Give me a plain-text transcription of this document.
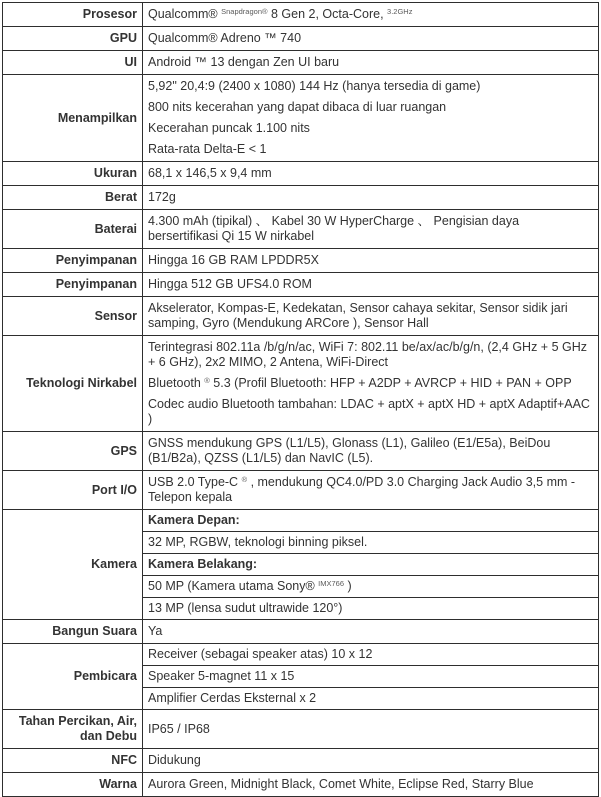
Prosesor	Qualcomm® $^{Snapdragon®}$ 8 Gen 2, Octa-Core, $^{3.2GHz}$

GPU	Qualcomm® Adreno ™ 740

UI	Android ™ 13 dengan Zen UI baru

Menampilkan	5,92" 20,4:9 (2400 x 1080) 144 Hz (hanya tersedia di game)

800 nits kecerahan yang dapat dibaca di luar ruangan

Kecerahan puncak 1.100 nits

Rata-rata Delta-E < 1

Ukuran	68,1 x 146,5 x 9,4 mm

Berat	172g

Baterai	4.300 mAh (tipikal) 、 Kabel 30 W HyperCharge 、 Pengisian daya bersertifikasi Qi 15 W nirkabel

Penyimpanan	Hingga 16 GB RAM LPDDR5X

Penyimpanan	Hingga 512 GB UFS4.0 ROM

Sensor	Akselerator, Kompas-E, Kedekatan, Sensor cahaya sekitar, Sensor sidik jari samping, Gyro (Mendukung ARCore ), Sensor Hall

Teknologi Nirkabel	Terintegrasi 802.11a /b/g/n/ac, WiFi 7: 802.11 be/ax/ac/b/g/n, (2,4 GHz + 5 GHz + 6 GHz), 2x2 MIMO, 2 Antena, WiFi-Direct

Bluetooth ® 5.3 (Profil Bluetooth: HFP + A2DP + AVRCP + HID + PAN + OPP

Codec audio Bluetooth tambahan: LDAC + aptX + aptX HD + aptX Adaptif+AAC )

GPS	GNSS mendukung GPS (L1/L5), Glonass (L1), Galileo (E1/E5a), BeiDou (B1/B2a), QZSS (L1/L5) dan NavIC (L5).

Port I/O	USB 2.0 Type-C ® , mendukung QC4.0/PD 3.0 Charging Jack Audio 3,5 mm - Telepon kepala

Kamera	Kamera Depan:

	32 MP, RGBW, teknologi binning piksel.

	Kamera Belakang:

	50 MP (Kamera utama Sony® $^{IMX766}$ )

	13 MP (lensa sudut ultrawide 120°)

Bangun Suara	Ya

Pembicara	Receiver (sebagai speaker atas) 10 x 12

	Speaker 5-magnet 11 x 15

	Amplifier Cerdas Eksternal x 2

Tahan Percikan, Air, dan Debu	IP65 / IP68

NFC	Didukung

Warna	Aurora Green, Midnight Black, Comet White, Eclipse Red, Starry Blue
